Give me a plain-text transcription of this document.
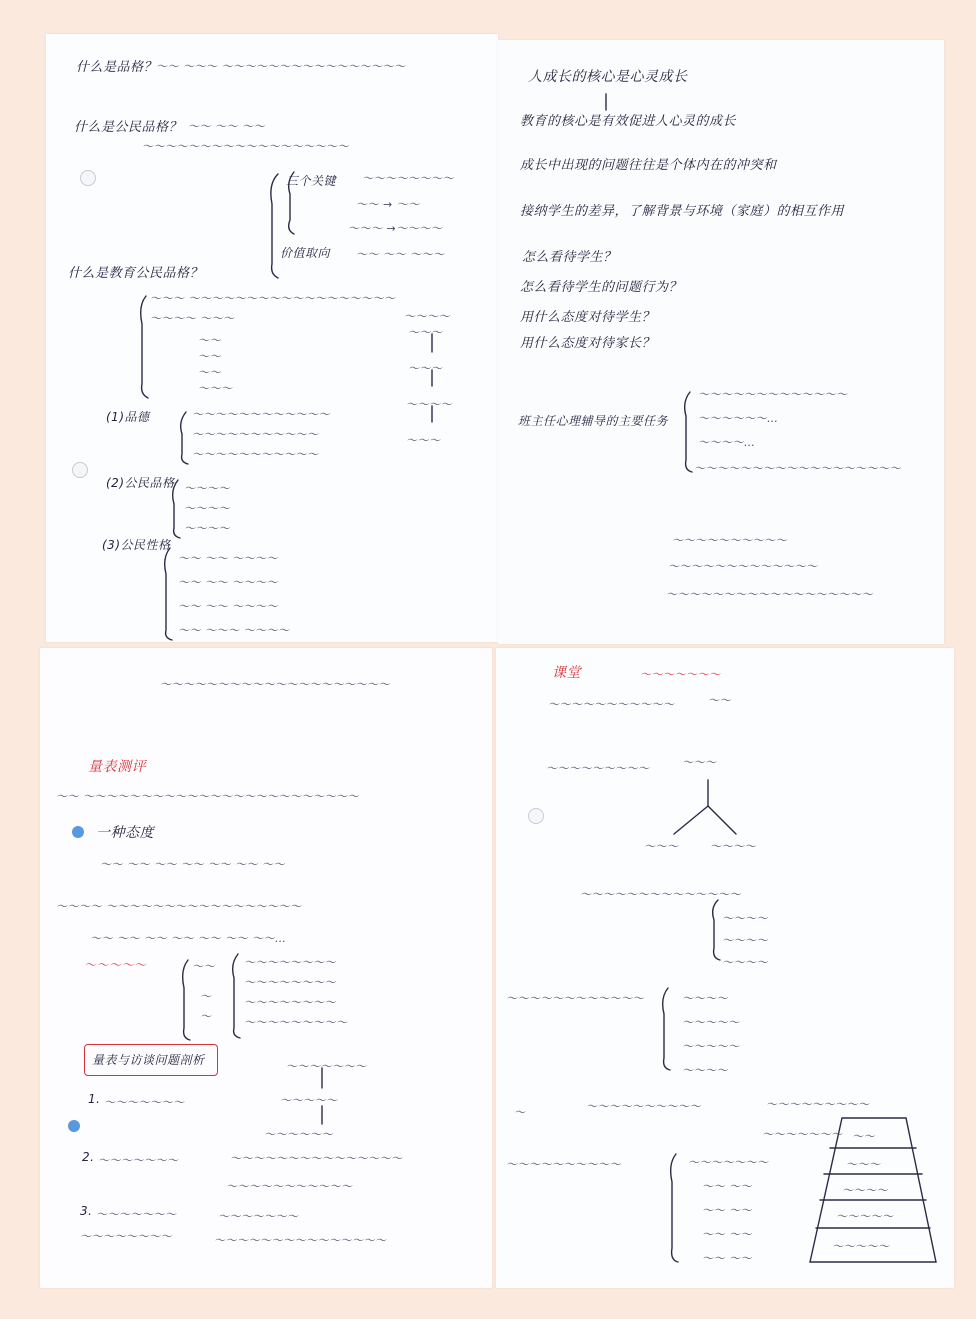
什么是品格？
〜〜 〜〜〜 〜〜〜〜〜〜〜〜〜〜〜〜〜〜〜〜
什么是公民品格？ 〜〜 〜〜 〜〜
〜〜〜〜〜〜〜〜〜〜〜〜〜〜〜〜〜〜
三个关键 〜〜〜〜〜〜〜〜
〜〜 → 〜〜
〜〜〜 →〜〜〜〜
价值取向 〜〜 〜〜 〜〜〜
什么是教育公民品格？
〜〜〜 〜〜〜〜〜〜〜〜〜〜〜〜〜〜〜〜〜〜
〜〜〜〜 〜〜〜	〜〜〜〜
〜〜〜
〜〜
〜〜
〜〜
〜〜〜
〜〜〜
〜〜〜〜
〜〜〜
(1)品德	〜〜〜〜〜〜〜〜〜〜〜〜
〜〜〜〜〜〜〜〜〜〜〜
〜〜〜〜〜〜〜〜〜〜〜
(2)公民品格 〜〜〜〜
〜〜〜〜
〜〜〜〜
(3)公民性格
〜〜 〜〜 〜〜〜〜
〜〜 〜〜 〜〜〜〜
〜〜 〜〜 〜〜〜〜
〜〜 〜〜〜 〜〜〜〜
人成长的核心是心灵成长
教育的核心是有效促进人心灵的成长
成长中出现的问题往往是个体内在的冲突和
接纳学生的差异，了解背景与环境（家庭）的相互作用
怎么看待学生？
怎么看待学生的问题行为？
用什么态度对待学生？
用什么态度对待家长？
班主任心理辅导的主要任务
〜〜〜〜〜〜〜〜〜〜〜〜〜
〜〜〜〜〜〜…
〜〜〜〜…
〜〜〜〜〜〜〜〜〜〜〜〜〜〜〜〜〜〜
〜〜〜〜〜〜〜〜〜〜
〜〜〜〜〜〜〜〜〜〜〜〜〜
〜〜〜〜〜〜〜〜〜〜〜〜〜〜〜〜〜〜
〜〜〜〜〜〜〜〜〜〜〜〜〜〜〜〜〜〜〜〜
量表测评
〜〜 〜〜〜〜〜〜〜〜〜〜〜〜〜〜〜〜〜〜〜〜〜〜〜〜
一种态度
〜〜 〜〜 〜〜 〜〜 〜〜 〜〜 〜〜
〜〜〜〜 〜〜〜〜〜〜〜〜〜〜〜〜〜〜〜〜〜
〜〜 〜〜 〜〜 〜〜 〜〜 〜〜 〜〜…
〜〜〜〜〜	〜〜	〜〜〜〜〜〜〜〜
〜〜〜〜〜〜〜〜
〜〜〜〜〜〜〜〜
〜〜〜〜〜〜〜〜〜
〜
〜
量表与访谈问题剖析	〜〜〜〜〜〜〜
1. 〜〜〜〜〜〜〜	〜〜〜〜〜
〜〜〜〜〜〜
2. 〜〜〜〜〜〜〜	〜〜〜〜〜〜〜〜〜〜〜〜〜〜〜
〜〜〜〜〜〜〜〜〜〜〜
3. 〜〜〜〜〜〜〜
〜〜〜〜〜〜〜〜
〜〜〜〜〜〜〜
〜〜〜〜〜〜〜〜〜〜〜〜〜〜〜
课堂	〜〜〜〜〜〜〜
〜〜〜〜〜〜〜〜〜〜〜	〜〜
〜〜〜〜〜〜〜〜〜	〜〜〜
〜〜〜	〜〜〜〜
〜〜〜〜〜〜〜〜〜〜〜〜〜〜
〜〜〜〜
〜〜〜〜
〜〜〜〜
〜〜〜〜〜〜〜〜〜〜〜〜	〜〜〜〜
〜〜〜〜〜
〜〜〜〜〜
〜〜〜〜
〜	〜〜〜〜〜〜〜〜〜〜	〜〜〜〜〜〜〜〜〜
〜〜〜〜〜〜〜
〜〜〜〜〜〜〜〜〜〜	〜〜〜〜〜〜〜
〜〜 〜〜
〜〜 〜〜
〜〜 〜〜
〜〜 〜〜
〜〜
〜〜〜
〜〜〜〜
〜〜〜〜〜
〜〜〜〜〜
